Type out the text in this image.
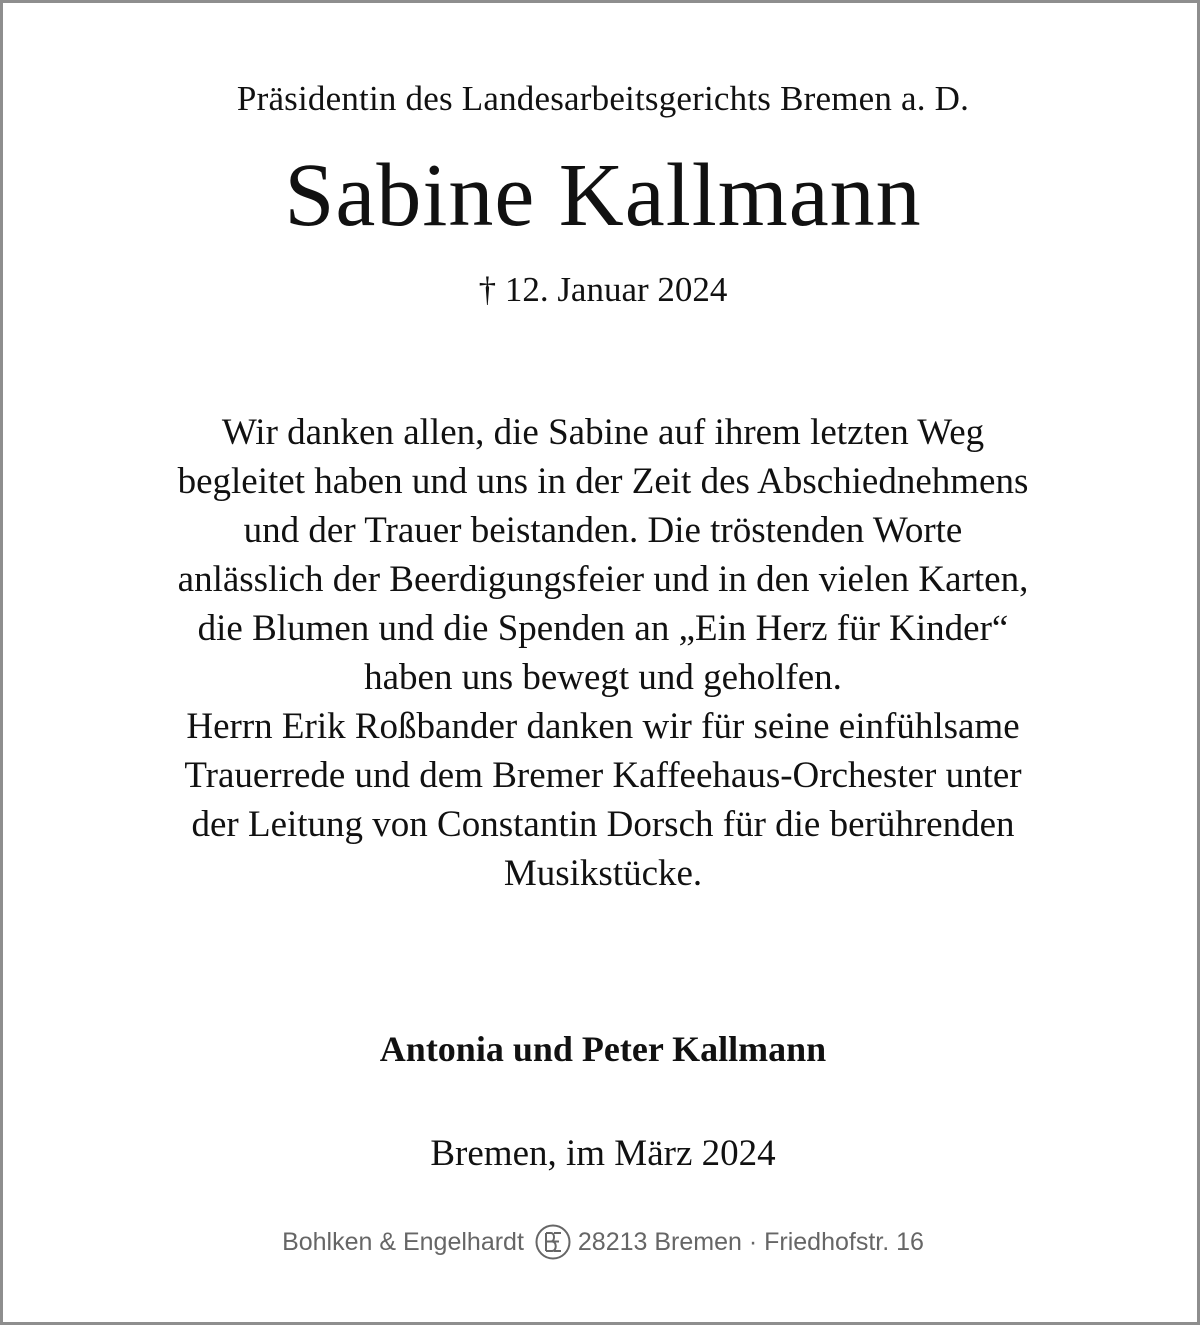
Präsidentin des Landesarbeitsgerichts Bremen a. D.
Sabine Kallmann
† 12. Januar 2024
Wir danken allen, die Sabine auf ihrem letzten Weg
begleitet haben und uns in der Zeit des Abschiednehmens
und der Trauer beistanden. Die tröstenden Worte
anlässlich der Beerdigungsfeier und in den vielen Karten,
die Blumen und die Spenden an „Ein Herz für Kinder“
haben uns bewegt und geholfen.
Herrn Erik Roßbander danken wir für seine einfühlsame
Trauerrede und dem Bremer Kaffeehaus-Orchester unter
der Leitung von Constantin Dorsch für die berührenden
Musikstücke.
Antonia und Peter Kallmann
Bremen, im März 2024
Bohlken & Engelhardt 28213 Bremen · Friedhofstr. 16
